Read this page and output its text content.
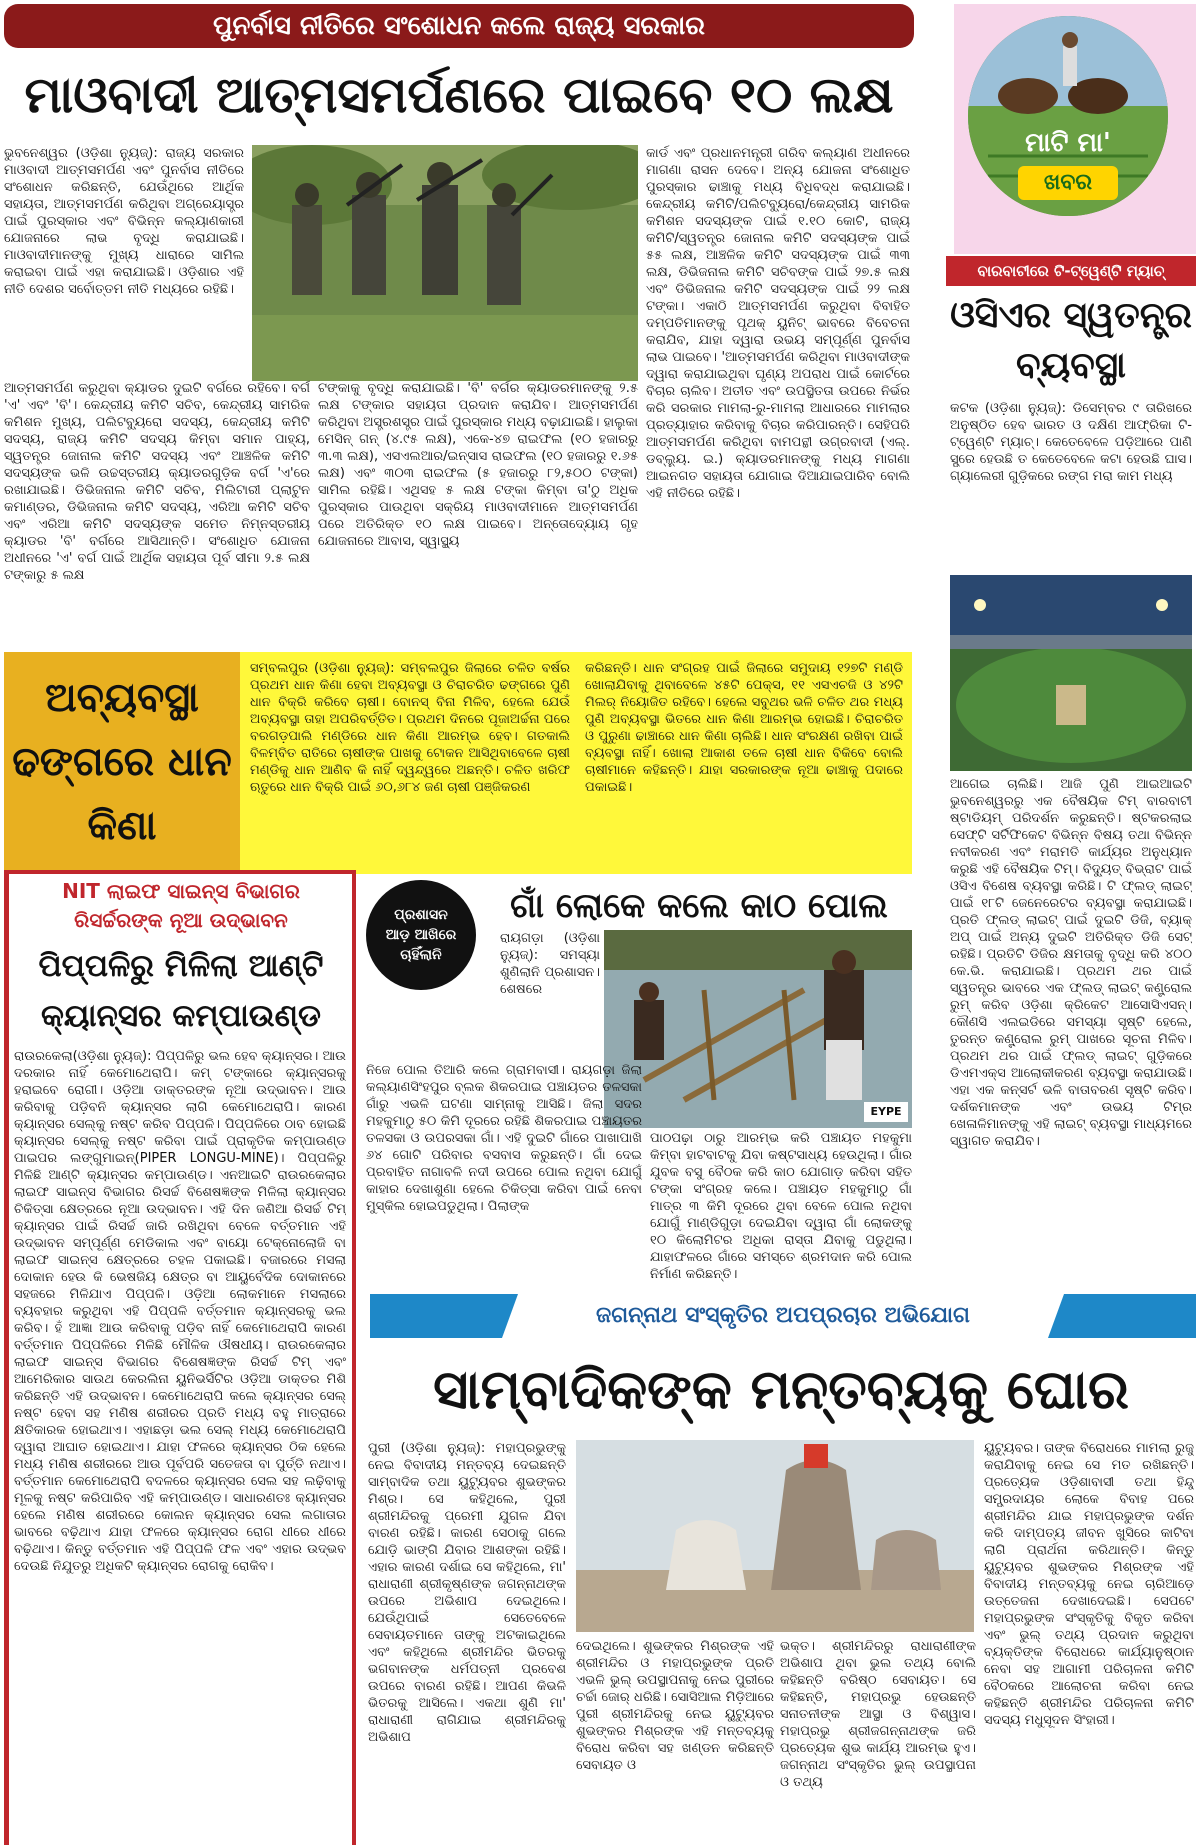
ପୁନର୍ବାସ ନୀତିରେ ସଂଶୋଧନ କଲେ ରାଜ୍ୟ ସରକାର
ମାଓବାଦୀ ଆତ୍ମସମର୍ପଣରେ ପାଇବେ ୧୦ ଲକ୍ଷ
ଭୁବନେଶ୍ୱର (ଓଡ଼ିଶା ନ୍ୟୁଜ୍): ରାଜ୍ୟ ସରକାର ମାଓବାଦୀ ଆତ୍ମସମର୍ପଣ ଏବଂ ପୁନର୍ବାସ ନୀତିରେ ସଂଶୋଧନ କରିଛନ୍ତି, ଯେଉଁଥିରେ ଆର୍ଥିକ ସହାୟତା, ଆତ୍ମସମର୍ପଣ କରିଥିବା ଅଗ୍ରେୟାସ୍ତ୍ର ପାଇଁ ପୁରସ୍କାର ଏବଂ ବିଭିନ୍ନ କଲ୍ୟାଣକାରୀ ଯୋଜନାରେ ଲାଭ ବୃଦ୍ଧି କରାଯାଇଛି। ମାଓବାଦୀମାନଙ୍କୁ ମୁଖ୍ୟ ଧାରାରେ ସାମିଲ କରାଇବା ପାଇଁ ଏହା କରାଯାଇଛି। ଓଡ଼ିଶାର ଏହି ନୀତି ଦେଶର ସର୍ବୋତ୍ତମ ନୀତି ମଧ୍ୟରେ ରହିଛି।
କାର୍ଡ ଏବଂ ପ୍ରଧାନମନ୍ତ୍ରୀ ଗରିବ କଲ୍ୟାଣ ଅଧୀନରେ ମାଗଣା ରାସନ ଦେବେ। ଅନ୍ୟ ଯୋଜନା ସଂଶୋଧିତ ପୁରସ୍କାର ଢାଞ୍ଚାକୁ ମଧ୍ୟ ବିଧିବଦ୍ଧ କରାଯାଇଛି। କେନ୍ଦ୍ରୀୟ କମିଟି/ପଲିଟବ୍ୟୁରୋ/କେନ୍ଦ୍ରୀୟ ସାମରିକ କମିଶନ ସଦସ୍ୟଙ୍କ ପାଇଁ ୧.୧୦ କୋଟି, ରାଜ୍ୟ କମିଟି/ସ୍ୱତନ୍ତ୍ର ଜୋନାଲ କମିଟି ସଦସ୍ୟଙ୍କ ପାଇଁ ୫୫ ଲକ୍ଷ, ଆଞ୍ଚଳିକ କମିଟି ସଦସ୍ୟଙ୍କ ପାଇଁ ୩୩ ଲକ୍ଷ, ଡିଭିଜନାଲ କମିଟି ସଚିବଙ୍କ ପାଇଁ ୨୭.୫ ଲକ୍ଷ ଏବଂ ଡିଭିଜନାଲ କମିଟି ସଦସ୍ୟଙ୍କ ପାଇଁ ୨୨ ଲକ୍ଷ ଟଙ୍କା। ଏକାଠି ଆତ୍ମସମର୍ପଣ କରୁଥିବା ବିବାହିତ ଦମ୍ପତିମାନଙ୍କୁ ପୃଥକ୍ ୟୁନିଟ୍ ଭାବରେ ବିବେଚନା କରାଯିବ, ଯାହା ଦ୍ୱାରା ଉଭୟ ସମ୍ପୂର୍ଣ୍ଣ ପୁନର୍ବାସ ଲାଭ ପାଇବେ। 'ଆତ୍ମସମର୍ପଣ କରିଥିବା ମାଓବାଦୀଙ୍କ ଦ୍ୱାରା କରାଯାଇଥିବା ଘୃଣ୍ୟ ଅପରାଧ ପାଇଁ କୋର୍ଟରେ ବିଚାର ଚାଲିବ। ଅତୀତ ଏବଂ ଉପସ୍ଥିତତା ଉପରେ ନିର୍ଭର କରି ସରକାର ମାମଲା-ରୁ-ମାମଲା ଆଧାରରେ ମାମଲାର ପ୍ରତ୍ୟାହାର କରିବାକୁ ବିଚାର କରିପାରନ୍ତି। ସେହିପରି ଆତ୍ମସମର୍ପଣ କରିଥିବା ବାମପନ୍ଥୀ ଉଗ୍ରବାଦୀ (ଏଲ୍. ଡବ୍ଲ୍ୟୁ. ଇ.) କ୍ୟାଡରମାନଙ୍କୁ ମଧ୍ୟ ମାଗଣା ଆଇନଗତ ସହାୟତା ଯୋଗାଇ ଦିଆଯାଇପାରିବ ବୋଲି ଏହି ନୀତିରେ ରହିଛି।
ଆତ୍ମସମର୍ପଣ କରୁଥିବା କ୍ୟାଡର ଦୁଇଟି ବର୍ଗରେ ରହିବେ। ବର୍ଗ 'ଏ' ଏବଂ 'ବି'। କେନ୍ଦ୍ରୀୟ କମିଟି ସଚିବ, କେନ୍ଦ୍ରୀୟ ସାମରିକ କମିଶନ ମୁଖ୍ୟ, ପଲିଟବ୍ୟୁରୋ ସଦସ୍ୟ, କେନ୍ଦ୍ରୀୟ କମିଟି ସଦସ୍ୟ, ରାଜ୍ୟ କମିଟି ସଦସ୍ୟ କିମ୍ବା ସମାନ ପାହ୍ୟ, ସ୍ୱତନ୍ତ୍ର ଜୋନାଲ କମିଟି ସଦସ୍ୟ ଏବଂ ଆଞ୍ଚଳିକ କମିଟି ସଦସ୍ୟଙ୍କ ଭଳି ଉଚ୍ଚସ୍ତରୀୟ କ୍ୟାଡରଗୁଡ଼ିକ ବର୍ଗ 'ଏ'ରେ ରଖାଯାଇଛି। ଡିଭିଜନାଲ କମିଟି ସଚିବ, ମିଲିଟାରୀ ପ୍ଲାଟୁନ କମାଣ୍ଡର, ଡିଭିଜନାଲ କମିଟି ସଦସ୍ୟ, ଏରିଆ କମିଟି ସଚିବ ଏବଂ ଏରିଆ କମିଟି ସଦସ୍ୟଙ୍କ ସମେତ ନିମ୍ନସ୍ତରୀୟ କ୍ୟାଡର 'ବି' ବର୍ଗରେ ଆସିଥାନ୍ତି। ସଂଶୋଧିତ ଯୋଜନା ଅଧୀନରେ 'ଏ' ବର୍ଗ ପାଇଁ ଆର୍ଥିକ ସହାୟତା ପୂର୍ବ ସୀମା ୨.୫ ଲକ୍ଷ ଟଙ୍କାରୁ ୫ ଲକ୍ଷ
ଟଙ୍କାକୁ ବୃଦ୍ଧି କରାଯାଇଛି। 'ବି' ବର୍ଗର କ୍ୟାଡରମାନଙ୍କୁ ୨.୫ ଲକ୍ଷ ଟଙ୍କାର ସହାୟତା ପ୍ରଦାନ କରାଯିବ। ଆତ୍ମସମର୍ପଣ କରିଥିବା ଅସ୍ତ୍ରଶସ୍ତ୍ର ପାଇଁ ପୁରସ୍କାର ମଧ୍ୟ ବଢ଼ାଯାଇଛି। ହାଲୁକା ମେସିନ୍ ଗନ୍ (୪.୯୫ ଲକ୍ଷ), ଏକେ-୪୭ ରାଇଫଲ (୧୦ ହଜାରରୁ ୩.୩ ଲକ୍ଷ), ଏସଏଲଆର/ଇନ୍ସାସ ରାଇଫଲ (୧୦ ହଜାରରୁ ୧.୬୫ ଲକ୍ଷ) ଏବଂ ୩୦୩ ରାଇଫଲ (୫ ହଜାରରୁ ୮୨,୫୦୦ ଟଙ୍କା) ସାମିଲ ରହିଛି। ଏଥିସହ ୫ ଲକ୍ଷ ଟଙ୍କା କିମ୍ବା ତା'ଠୁ ଅଧିକ ପୁରସ୍କାର ପାଉଥିବା ସକ୍ରିୟ ମାଓବାଦୀମାନେ ଆତ୍ମସମର୍ପଣ ପରେ ଅତିରିକ୍ତ ୧୦ ଲକ୍ଷ ପାଇବେ। ଅନ୍ତୋଦ୍ୟୋୟ ଗୃହ ଯୋଜନାରେ ଆବାସ, ସ୍ୱାସ୍ଥ୍ୟ
ମାଟି ମା'
ଖବର
ବାରବାଟୀରେ ଟି-ଟ୍ୱେଣ୍ଟି ମ୍ୟାଚ୍
ଓସିଏର ସ୍ୱତନ୍ତ୍ର
ବ୍ୟବସ୍ଥା
କଟକ (ଓଡ଼ିଶା ନ୍ୟୁଜ୍): ଡିସେମ୍ବର ୯ ତାରିଖରେ ଅନୁଷ୍ଠିତ ହେବ ଭାରତ ଓ ଦକ୍ଷିଣ ଆଫ୍ରିକା ଟି-ଟ୍ୱେଣ୍ଟି ମ୍ୟାଚ୍। କେତେବେଳେ ପଡ଼ିଆରେ ପାଣି ସ୍ପ୍ରେ ହେଉଛି ତ କେତେବେଳେ କଟା ହେଉଛି ଘାସ। ଗ୍ୟାଲେରୀ ଗୁଡ଼ିକରେ ରଙ୍ଗ ମରା କାମ ମଧ୍ୟ
ଆଗେଇ ଚାଲିଛି। ଆଜି ପୁଣି ଆଇଆଇଟି ଭୁବନେଶ୍ୱରରୁ ଏକ ବୈଷୟିକ ଟିମ୍ ବାରବାଟୀ ଷ୍ଟାଡିୟମ୍ ପରିଦର୍ଶନ କରୁଛନ୍ତି। ଷ୍ଟକରଲାଇ ସେଫ୍ଟି ସର୍ଟିଫିକେଟ ବିଭିନ୍ନ ବିଷୟ ତଥା ବିଭିନ୍ନ ନବୀକରଣ ଏବଂ ମରାମତି କାର୍ଯ୍ୟର ଅନୁଧ୍ୟାନ କରୁଛି ଏହି ବୈଷୟିକ ଟିମ୍। ବିଦ୍ୟୁତ୍ ବିଭ୍ରାଟ ପାଇଁ ଓସିଏ ବିଶେଷ ବ୍ୟବସ୍ଥା କରିଛି। ଟି ଫ୍ଲଡ୍ ଲାଇଟ୍ ପାଇଁ ୧୮ଟି ଜେନେରେଟର ବ୍ୟବସ୍ଥା କରାଯାଇଛି। ପ୍ରତି ଫ୍ଲଡ୍ ଲାଇଟ୍ ପାଇଁ ଦୁଇଟି ଡିଜି, ବ୍ୟାକ୍ ଅପ୍ ପାଇଁ ଅନ୍ୟ ଦୁଇଟି ଅତିରିକ୍ତ ଡିଜି ସେଟ୍ ରହିଛି। ପ୍ରତିଟି ଡିଜିର କ୍ଷମତାକୁ ବୃଦ୍ଧି କରି ୪୦୦ କେ.ଭି. କରାଯାଇଛି। ପ୍ରଥମ ଥର ପାଇଁ ସ୍ୱତନ୍ତ୍ର ଭାବରେ ଏକ ଫ୍ଲଡ୍ ଲାଇଟ୍ କଣ୍ଟ୍ରୋଲ ରୁମ୍ କରିବ ଓଡ଼ିଶା କ୍ରିକେଟ ଆସୋସିଏସନ୍। କୌଣସି ଏଲଇଡିରେ ସମସ୍ୟା ସୃଷ୍ଟି ହେଲେ, ତୁରନ୍ତ କଣ୍ଟ୍ରୋଲ ରୁମ୍ ପାଖରେ ସୂଚନା ମିଳିବ। ପ୍ରଥମ ଥର ପାଇଁ ଫ୍ଲଡ୍ ଲାଇଟ୍ ଗୁଡ଼ିକରେ ଡିଏମଏକ୍ସ ଆଲୋକୀକରଣ ବ୍ୟବସ୍ଥା କରାଯାଉଛି। ଏହା ଏକ କନ୍ସର୍ଟ ଭଳି ବାତାବରଣ ସୃଷ୍ଟି କରିବ। ଦର୍ଶକମାନଙ୍କ ଏବଂ ଉଭୟ ଟିମ୍‌ର ଖେଳାଳିମାନଙ୍କୁ ଏହି ଲାଇଟ୍ ବ୍ୟବସ୍ଥା ମାଧ୍ୟମରେ ସ୍ୱାଗତ କରାଯିବ।
ଅବ୍ୟବସ୍ଥା ଢଙ୍ଗରେ ଧାନ କିଣା
ସମ୍ବଲପୁର (ଓଡ଼ିଶା ନ୍ୟୁଜ୍): ସମ୍ବଲପୁର ଜିଲାରେ ଚଳିତ ବର୍ଷର ପ୍ରଥମ ଧାନ କିଣା ହେବା ଅବ୍ୟବସ୍ଥା ଓ ଚିରାଚରିତ ଢଙ୍ଗରେ ପୁଣି ଧାନ ବିକ୍ରି କରିବେ ଚାଷୀ। ବୋନସ୍ ବିନା ମିଳିବ, ହେଲେ ଯେଉଁ ଅବ୍ୟବସ୍ଥା ତାହା ଅପରିବର୍ତ୍ତିତ। ପ୍ରଥମ ଦିନରେ ପୂଜାଅର୍ଚ୍ଚନା ପରେ ବରଗଡ଼ପାଲି ମଣ୍ଡିରେ ଧାନ କିଣା ଆରମ୍ଭ ହେବ। ଗତକାଲି ବିଳମ୍ବିତ ରାତିରେ ଚାଷୀଙ୍କ ପାଖକୁ ଟୋକନ ଆସିଥିବାବେଳେ ଚାଷୀ ମଣ୍ଡିକୁ ଧାନ ଆଣିବ କି ନାହିଁ ଦ୍ୱନ୍ଦ୍ୱରେ ଅଛନ୍ତି। ଚଳିତ ଖରିଫ ଋତୁରେ ଧାନ ବିକ୍ରି ପାଇଁ ୬୦,୬୮୪ ଜଣ ଚାଷୀ ପଞ୍ଜିକରଣ
କରିଛନ୍ତି। ଧାନ ସଂଗ୍ରହ ପାଇଁ ଜିଲାରେ ସମୁଦାୟ ୧୨୭ଟି ମଣ୍ଡି ଖୋଲାଯିବାକୁ ଥିବାବେଳେ ୪୫ଟି ପେକ୍ସ, ୧୧ ଏସଏଚଜି ଓ ୪୨ଟି ମିଲର୍ ନିୟୋଜିତ ରହିବେ। ହେଲେ ସବୁଥର ଭଳି ଚଳିତ ଥର ମଧ୍ୟ ପୁଣି ଅବ୍ୟବସ୍ଥା ଭିତରେ ଧାନ କିଣା ଆରମ୍ଭ ହୋଇଛି। ଚିରାଚରିତ ଓ ପୁରୁଣା ଢାଞ୍ଚାରେ ଧାନ କିଣା ଚାଲିଛି। ଧାନ ସଂରକ୍ଷଣ ରଖିବା ପାଇଁ ବ୍ୟବସ୍ଥା ନାହିଁ। ଖୋଲା ଆକାଶ ତଳେ ଚାଷୀ ଧାନ ବିକିବେ ବୋଲି ଚାଷୀମାନେ କହିଛନ୍ତି। ଯାହା ସରକାରଙ୍କ ନୂଆ ଢାଞ୍ଚାକୁ ପଦାରେ ପକାଇଛି।
NIT ଲାଇଫ ସାଇନ୍ସ ବିଭାଗର
ରିସର୍ଚ୍ଚରଙ୍କ ନୂଆ ଉଦ୍ଭାବନ
ପିପ୍ପଳିରୁ ମିଳିଲା ଆଣ୍ଟି
କ୍ୟାନ୍ସର କମ୍ପାଉଣ୍ଡ
ରାଉରକେଲା(ଓଡ଼ିଶା ନ୍ୟୁଜ୍): ପିପ୍ପଳିରୁ ଭଲ ହେବ କ୍ୟାନ୍ସର। ଆଉ ଦରକାର ନାହିଁ କେମୋଥେରାପି। କମ୍ ଟଙ୍କାରେ କ୍ୟାନ୍ସରକୁ ହରାଇବେ ରୋଗୀ। ଓଡ଼ିଆ ଡାକ୍ତରଙ୍କ ନୂଆ ଉଦ୍ଭାବନ। ଆଉ କରିବାକୁ ପଡ଼ିବନି କ୍ୟାନ୍ସର ଲାଗି କେମୋଥେରାପି। କାରଣ କ୍ୟାନ୍ସର ସେଲ୍‌କୁ ନଷ୍ଟ କରିବ ପିପ୍ପଳି। ପିପ୍ପଳିରେ ଠାବ ହୋଇଛି କ୍ୟାନ୍ସର ସେଲ୍‌କୁ ନଷ୍ଟ କରିବା ପାଇଁ ପ୍ରାକୃତିକ କମ୍ପାଉଣ୍ଡ ପାଇପର ଲଙ୍ଗୁମାଇନ୍(PIPER LONGU-MINE)। ପିପ୍ପଳିରୁ ମିଳିଛି ଆଣ୍ଟି କ୍ୟାନ୍ସର କମ୍ପାଉଣ୍ଡ। ଏନଆଇଟି ରାଉରକେଲାର ଲାଇଫ ସାଇନ୍ସ ବିଭାଗର ରିସର୍ଚ୍ଚ ବିଶେଷଜ୍ଞଙ୍କ ମିଳିଲା କ୍ୟାନ୍ସର ଚିକିତ୍ସା କ୍ଷେତ୍ରରେ ନୂଆ ଉଦ୍ଭାବନ। ଏହି ଦିନ ଜଣିଆ ରିସର୍ଚ୍ଚ ଟିମ୍ କ୍ୟାନ୍ସର ପାଇଁ ରିସର୍ଚ୍ଚ ଜାରି ରଖିଥିବା ବେଳେ ବର୍ତ୍ତମାନ ଏହି ଉଦ୍ଭାବନ ସମ୍ପୂର୍ଣ୍ଣ ମେଡିକାଲ ଏବଂ ବାୟୋ ଟେକ୍ନୋଲୋଜି ବା ଲାଇଫ ସାଇନ୍ସ କ୍ଷେତ୍ରରେ ଚହଳ ପକାଇଛି। ବଜାରରେ ମସଲା ଦୋକାନ ହେଉ କି ଭେଷଜିୟ କ୍ଷେତ୍ର ବା ଆୟୁର୍ବେଦିକ ଦୋକାନରେ ସହଜରେ ମିଳିଯାଏ ପିପ୍ପଳି। ଓଡ଼ିଆ ଲୋକମାନେ ମସଲାରେ ବ୍ୟବହାର କରୁଥିବା ଏହି ପିପ୍ପଳି ବର୍ତ୍ତମାନ କ୍ୟାନ୍ସରକୁ ଭଲ କରିବ। ହଁ ଆଜ୍ଞା ଆଉ କରିବାକୁ ପଡ଼ିବ ନାହିଁ କେମୋଥେରାପି କାରଣ ବର୍ତ୍ତମାନ ପିପ୍ପଳିରେ ମିଳିଛି ମୌଳିକ ଔଷଧୀୟ। ରାଉରକେଲାର ଲାଇଫ ସାଇନ୍ସ ବିଭାଗର ବିଶେଷଜ୍ଞଙ୍କ ରିସର୍ଚ୍ଚ ଟିମ୍ ଏବଂ ଆମେରିକାର ସାଉଥ କେରଲିନା ୟୁନିଭର୍ସିଟିର ଓଡ଼ିଆ ଡାକ୍ତର ମିଶି କରିଛନ୍ତି ଏହି ଉଦ୍ଭାବନ। କେମୋଥେରାପି କଲେ କ୍ୟାନ୍ସର ସେଲ୍ ନଷ୍ଟ ହେବା ସହ ମଣିଷ ଶରୀରର ପ୍ରତି ମଧ୍ୟ ବହୁ ମାତ୍ରାରେ କ୍ଷତିକାରକ ହୋଇଥାଏ। ଏହାଛଡ଼ା ଭଲ ସେଲ୍ ମଧ୍ୟ କେମୋଥେରାପି ଦ୍ୱାରା ଆଘାତ ହୋଇଥାଏ। ଯାହା ଫଳରେ କ୍ୟାନ୍ସର ଠିକ ହେଲେ ମଧ୍ୟ ମଣିଷ ଶରୀରରେ ଆଉ ପୂର୍ବପରି ସତେଜତା ବା ପୁର୍ତ୍ତି ନଥାଏ। ବର୍ତ୍ତମାନ କେମୋଥେରାପି ବଦଳରେ କ୍ୟାନ୍ସର ସେଲ ସହ ଲଢ଼ିବାକୁ ମୂଳକୁ ନଷ୍ଟ କରିପାରିବ ଏହି କମ୍ପାଉଣ୍ଡ। ସାଧାରଣତଃ କ୍ୟାନ୍ସର ହେଲେ ମଣିଷ ଶରୀରରେ କୋଲନ କ୍ୟାନ୍ସର ସେଲ ଲଗାତାର ଭାବରେ ବଢ଼ିଥାଏ ଯାହା ଫଳରେ କ୍ୟାନ୍ସର ରୋଗ ଧୀରେ ଧୀରେ ବଢ଼ିଥାଏ। କିନ୍ତୁ ବର୍ତ୍ତମାନ ଏହି ପିପ୍ପଳି ଫଳ ଏବଂ ଏହାର ଉଦ୍ଭବ ଦେଉଛି ନିଯୁତରୁ ଅଧିକଟି କ୍ୟାନ୍ସର ରୋଗକୁ ରୋକିବ।
ପ୍ରଶାସନ ଆଡ଼ ଆଖିରେ ଚାହିଁଲାନି
ଗାଁ ଲୋକେ କଲେ କାଠ ପୋଲ
ରାୟଗଡ଼ା (ଓଡ଼ିଶା ନ୍ୟୁଜ୍): ସମସ୍ୟା ଶୁଣିଲାନି ପ୍ରଶାସନ। ଶେଷରେ
EYPE
ନିଜେ ପୋଲ ତିଆରି କଲେ ଗ୍ରାମବାସୀ। ରାୟଗଡ଼ା ଜିଲା କଲ୍ୟାଣସିଂହପୁର ବ୍ଲକ ଶିକରପାଇ ପଞ୍ଚାୟତର ତଳସକା ଗାଁରୁ ଏଭଳି ଘଟଣା ସାମ୍ନାକୁ ଆସିଛି। ଜିଲା ସଦର ମହକୁମାଠୁ ୫୦ କିମି ଦୂରରେ ରହିଛି ଶିକରପାଇ ପଞ୍ଚାୟତର ତଳସକା ଓ ଉପରସକା ଗାଁ। ଏହି ଦୁଇଟି ଗାଁରେ ପାଖାପାଖି ୬୪ ଗୋଟି ପରିବାର ବସବାସ କରୁଛନ୍ତି। ଗାଁ ଦେଇ ପ୍ରବାହିତ ନାଗାବଳି ନଦୀ ଉପରେ ପୋଲ ନଥିବା ଯୋଗୁଁ କାହାର ଦେଖାଶୁଣା ହେଲେ ଚିକିତ୍ସା କରିବା ପାଇଁ ନେବା ମୁସ୍କିଲ ହୋଇପଡୁଥିଲା। ପିଲାଙ୍କ
ପାଠପଢ଼ା ଠାରୁ ଆରମ୍ଭ କରି ପଞ୍ଚାୟତ ମହକୁମା କିମ୍ବା ହାଟବାଟକୁ ଯିବା କଷ୍ଟସାଧ୍ୟ ହେଉଥିଲା। ଗାଁର ଯୁବକ ବସୁ ବୈଠକ କରି କାଠ ଯୋଗାଡ଼ କରିବା ସହିତ ଟଙ୍କା ସଂଗ୍ରହ କଲେ। ପଞ୍ଚାୟତ ମହକୁମାଠୁ ଗାଁ ମାତ୍ର ୩ କିମି ଦୂରରେ ଥିବା ବେଳେ ପୋଲ ନଥିବା ଯୋଗୁଁ ମାଣ୍ଡିଗୁଡ଼ା ଦେଇଯିବା ଦ୍ୱାରା ଗାଁ ଲୋକଙ୍କୁ ୧୦ କିଲୋମିଟର ଅଧିକା ରାସ୍ତା ଯିବାକୁ ପଡୁଥିଲା। ଯାହାଫଳରେ ଗାଁରେ ସମସ୍ତେ ଶ୍ରମଦାନ କରି ପୋଲ ନିର୍ମାଣ କରିଛନ୍ତି।
ଜଗନ୍ନାଥ ସଂସ୍କୃତିର ଅପପ୍ରଚାର ଅଭିଯୋଗ
ସାମ୍ବାଦିକଙ୍କ ମନ୍ତବ୍ୟକୁ ଘୋର
ପୁରୀ (ଓଡ଼ିଶା ନ୍ୟୁଜ୍): ମହାପ୍ରଭୁଙ୍କୁ ନେଇ ବିବାଦୀୟ ମନ୍ତବ୍ୟ ଦେଇଛନ୍ତି ସାମ୍ବାଦିକ ତଥା ୟୁଟ୍ୟୁବର ଶୁଭଙ୍କର ମିଶ୍ର। ସେ କହିଥିଲେ, ପୁରୀ ଶ୍ରୀମନ୍ଦିରକୁ ପ୍ରେମୀ ଯୁଗଳ ଯିବା ବାରଣ ରହିଛି। କାରଣ ସେଠାକୁ ଗଲେ ଯୋଡ଼ି ଭାଙ୍ଗି ଯିବାର ଆଶଙ୍କା ରହିଛି। ଏହାର କାରଣ ଦର୍ଶାଇ ସେ କହିଥିଲେ, ମା' ରାଧାରାଣୀ ଶ୍ରୀକୃଷ୍ଣଙ୍କ ଜଗନ୍ନାଥଙ୍କ ଉପରେ ଅଭିଶାପ ଦେଇଥିଲେ। ଯେଉଁଥିପାଇଁ ସେତେବେଳେ ସେବାୟତମାନେ ତାଙ୍କୁ ଅଟକାଇଥିଲେ ଏବଂ କହିଥିଲେ ଶ୍ରୀମନ୍ଦିର ଭିତରକୁ ଭଗବାନଙ୍କ ଧର୍ମପତ୍ନୀ ପ୍ରବେଶ ଉପରେ ବାରଣ ରହିଛି। ଆପଣ କିଭଳି ଭିତରକୁ ଆସିଲେ। ଏକଥା ଶୁଣି ମା' ରାଧାରାଣୀ ରାଗିଯାଇ ଶ୍ରୀମନ୍ଦିରକୁ ଅଭିଶାପ
ଦେଇଥିଲେ। ଶୁଭଙ୍କର ମିଶ୍ରଙ୍କ ଏହି ଶ୍ରୀମନ୍ଦିର ଓ ମହାପ୍ରଭୁଙ୍କ ପ୍ରତି ଏଭଳି ଭୁଲ୍ ଉପସ୍ଥାପନାକୁ ନେଇ ପୁରୀରେ ଚର୍ଚ୍ଚା ଜୋର୍ ଧରିଛି। ସୋସିଆଲ ମିଡ଼ିଆରେ ପୁରୀ ଶ୍ରୀମନ୍ଦିରକୁ ନେଇ ୟୁଟ୍ୟୁବର ଶୁଭଙ୍କର ମିଶ୍ରଙ୍କ ଏହି ମନ୍ତବ୍ୟକୁ ବିରୋଧ କରିବା ସହ ଖଣ୍ଡନ କରିଛନ୍ତି ସେବାୟତ ଓ
ଭକ୍ତ। ଶ୍ରୀମନ୍ଦିରରୁ ରାଧାରାଣୀଙ୍କ ଅଭିଶାପ ଥିବା ଭୁଲ ତଥ୍ୟ ବୋଲି କହିଛନ୍ତି ବରିଷ୍ଠ ସେବାୟତ। ସେ କହିଛନ୍ତି, ମହାପ୍ରଭୁ ହେଉଛନ୍ତି ସନାତନୀଙ୍କ ଆସ୍ଥା ଓ ବିଶ୍ୱାସ। ମହାପ୍ରଭୁ ଶ୍ରୀଜଗନ୍ନାଥଙ୍କ ଜରି ପ୍ରତ୍ୟେକ ଶୁଭ କାର୍ଯ୍ୟ ଆରମ୍ଭ ହୁଏ। ଜଗନ୍ନାଥ ସଂସ୍କୃତିର ଭୁଲ୍ ଉପସ୍ଥାପନା ଓ ତଥ୍ୟ
ୟୁଟ୍ୟୁବର। ତାଙ୍କ ବିରୋଧରେ ମାମଲା ରୁଜୁ କରାଯିବାକୁ ନେଇ ସେ ମତ ରଖିଛନ୍ତି। ପ୍ରତ୍ୟେକ ଓଡ଼ିଶାବାସୀ ତଥା ହିନ୍ଦୁ ସମ୍ପ୍ରଦାୟର ଲୋକେ ବିବାହ ପରେ ଶ୍ରୀମନ୍ଦିର ଯାଇ ମହାପ୍ରଭୁଙ୍କ ଦର୍ଶନ କରି ଦାମ୍ପତ୍ୟ ଜୀବନ ଖୁସିରେ କାଟିବା ଲାଗି ପ୍ରାର୍ଥନା କରିଥାନ୍ତି। କିନ୍ତୁ ୟୁଟ୍ୟୁବର ଶୁଭଙ୍କର ମିଶ୍ରଙ୍କ ଏହି ବିବାଦୀୟ ମନ୍ତବ୍ୟକୁ ନେଇ ଚାରିଆଡ଼େ ଉତ୍ତେଜନା ଦେଖାଦେଇଛି। ସେପଟେ ମହାପ୍ରଭୁଙ୍କ ସଂସ୍କୃତିକୁ ବିକୃତ କରିବା ଏବଂ ଭୁଲ୍ ତଥ୍ୟ ପ୍ରଦାନ କରୁଥିବା ବ୍ୟକ୍ତିଙ୍କ ବିରୋଧରେ କାର୍ଯ୍ୟାନୁଷ୍ଠାନ ନେବା ସହ ଆଗାମୀ ପରିଚାଳନା କମିଟି ବୈଠକରେ ଆଲୋଚନା କରିବା ନେଇ କହିଛନ୍ତି ଶ୍ରୀମନ୍ଦିର ପରିଚାଳନା କମିଟି ସଦସ୍ୟ ମଧୁସୂଦନ ସିଂହାରୀ।
